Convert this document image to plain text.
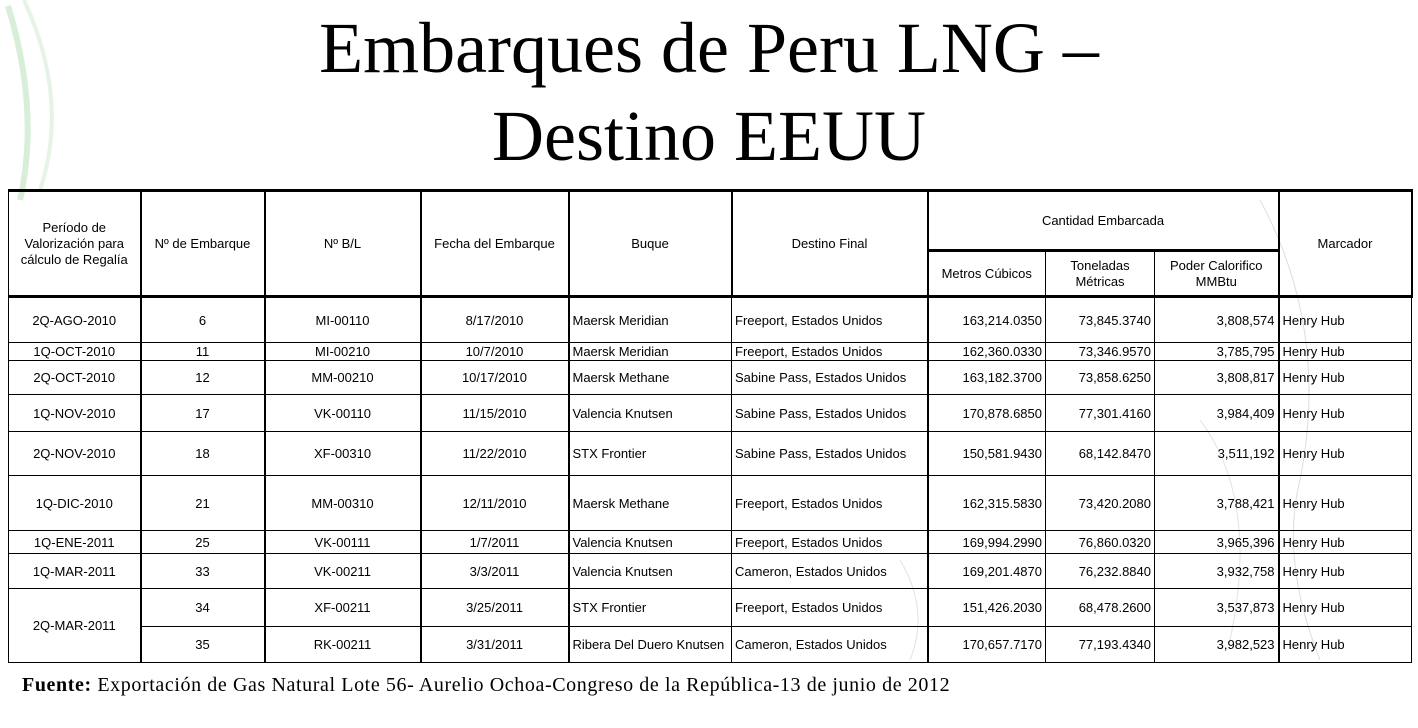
Embarques de Peru LNG –
Destino EEUU
Período de Valorización para cálculo de Regalía	Nº de Embarque	Nº B/L	Fecha del Embarque	Buque	Destino Final	Cantidad Embarcada			Marcador
						Metros Cúbicos	Toneladas Métricas	Poder Calorifico MMBtu	
2Q-AGO-2010	6	MI-00110	8/17/2010	Maersk Meridian	Freeport, Estados Unidos	163,214.0350	73,845.3740	3,808,574	Henry Hub
1Q-OCT-2010	11	MI-00210	10/7/2010	Maersk Meridian	Freeport, Estados Unidos	162,360.0330	73,346.9570	3,785,795	Henry Hub
2Q-OCT-2010	12	MM-00210	10/17/2010	Maersk Methane	Sabine Pass, Estados Unidos	163,182.3700	73,858.6250	3,808,817	Henry Hub
1Q-NOV-2010	17	VK-00110	11/15/2010	Valencia Knutsen	Sabine Pass, Estados Unidos	170,878.6850	77,301.4160	3,984,409	Henry Hub
2Q-NOV-2010	18	XF-00310	11/22/2010	STX Frontier	Sabine Pass, Estados Unidos	150,581.9430	68,142.8470	3,511,192	Henry Hub
1Q-DIC-2010	21	MM-00310	12/11/2010	Maersk Methane	Freeport, Estados Unidos	162,315.5830	73,420.2080	3,788,421	Henry Hub
1Q-ENE-2011	25	VK-00111	1/7/2011	Valencia Knutsen	Freeport, Estados Unidos	169,994.2990	76,860.0320	3,965,396	Henry Hub
1Q-MAR-2011	33	VK-00211	3/3/2011	Valencia Knutsen	Cameron, Estados Unidos	169,201.4870	76,232.8840	3,932,758	Henry Hub
2Q-MAR-2011	34	XF-00211	3/25/2011	STX Frontier	Freeport, Estados Unidos	151,426.2030	68,478.2600	3,537,873	Henry Hub
	35	RK-00211	3/31/2011	Ribera Del Duero Knutsen	Cameron, Estados Unidos	170,657.7170	77,193.4340	3,982,523	Henry Hub
Fuente: Exportación de Gas Natural Lote 56- Aurelio Ochoa-Congreso de la República-13 de junio de 2012
